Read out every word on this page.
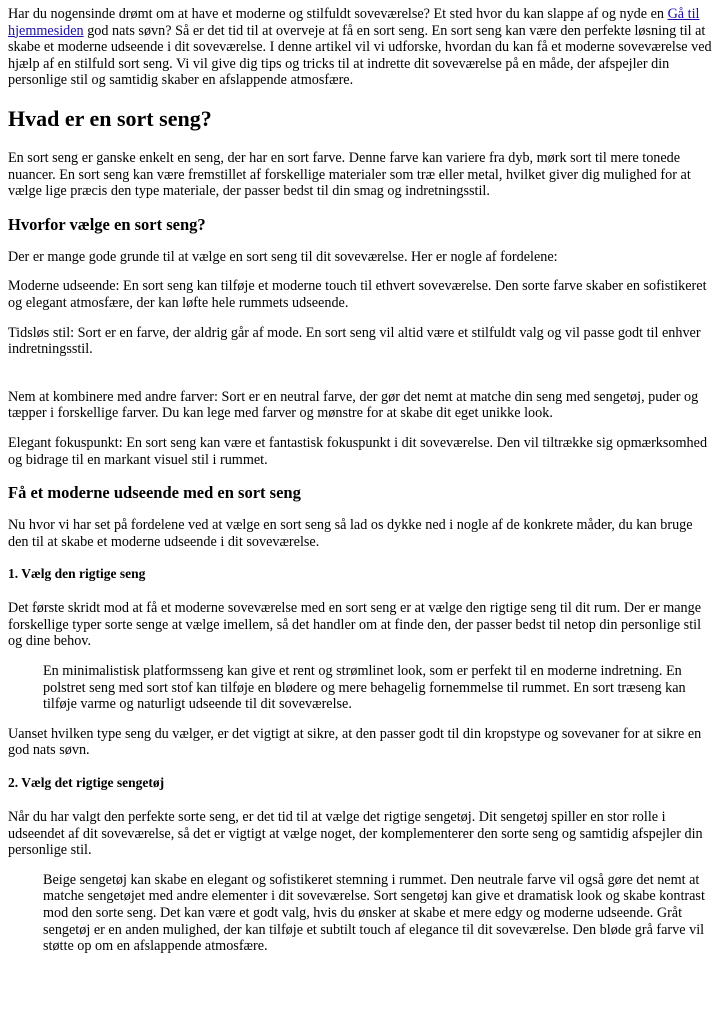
Har du nogensinde drømt om at have et moderne og stilfuldt soveværelse? Et sted hvor du kan slappe af og nyde en Gå til hjemmesiden god nats søvn? Så er det tid til at overveje at få en sort seng. En sort seng kan være den perfekte løsning til at skabe et moderne udseende i dit soveværelse. I denne artikel vil vi udforske, hvordan du kan få et moderne soveværelse ved hjælp af en stilfuld sort seng. Vi vil give dig tips og tricks til at indrette dit soveværelse på en måde, der afspejler din personlige stil og samtidig skaber en afslappende atmosfære.

Hvad er en sort seng?

En sort seng er ganske enkelt en seng, der har en sort farve. Denne farve kan variere fra dyb, mørk sort til mere tonede nuancer. En sort seng kan være fremstillet af forskellige materialer som træ eller metal, hvilket giver dig mulighed for at vælge lige præcis den type materiale, der passer bedst til din smag og indretningsstil.

Hvorfor vælge en sort seng?

Der er mange gode grunde til at vælge en sort seng til dit soveværelse. Her er nogle af fordelene:

Moderne udseende: En sort seng kan tilføje et moderne touch til ethvert soveværelse. Den sorte farve skaber en sofistikeret og elegant atmosfære, der kan løfte hele rummets udseende.

Tidsløs stil: Sort er en farve, der aldrig går af mode. En sort seng vil altid være et stilfuldt valg og vil passe godt til enhver indretningsstil.

Nem at kombinere med andre farver: Sort er en neutral farve, der gør det nemt at matche din seng med sengetøj, puder og tæpper i forskellige farver. Du kan lege med farver og mønstre for at skabe dit eget unikke look.

Elegant fokuspunkt: En sort seng kan være et fantastisk fokuspunkt i dit soveværelse. Den vil tiltrække sig opmærksomhed og bidrage til en markant visuel stil i rummet.

Få et moderne udseende med en sort seng

Nu hvor vi har set på fordelene ved at vælge en sort seng så lad os dykke ned i nogle af de konkrete måder, du kan bruge den til at skabe et moderne udseende i dit soveværelse.

1. Vælg den rigtige seng

Det første skridt mod at få et moderne soveværelse med en sort seng er at vælge den rigtige seng til dit rum. Der er mange forskellige typer sorte senge at vælge imellem, så det handler om at finde den, der passer bedst til netop din personlige stil og dine behov.

En minimalistisk platformsseng kan give et rent og strømlinet look, som er perfekt til en moderne indretning. En polstret seng med sort stof kan tilføje en blødere og mere behagelig fornemmelse til rummet. En sort træseng kan tilføje varme og naturligt udseende til dit soveværelse.

Uanset hvilken type seng du vælger, er det vigtigt at sikre, at den passer godt til din kropstype og sovevaner for at sikre en god nats søvn.

2. Vælg det rigtige sengetøj

Når du har valgt den perfekte sorte seng, er det tid til at vælge det rigtige sengetøj. Dit sengetøj spiller en stor rolle i udseendet af dit soveværelse, så det er vigtigt at vælge noget, der komplementerer den sorte seng og samtidig afspejler din personlige stil.

Beige sengetøj kan skabe en elegant og sofistikeret stemning i rummet. Den neutrale farve vil også gøre det nemt at matche sengetøjet med andre elementer i dit soveværelse. Sort sengetøj kan give et dramatisk look og skabe kontrast mod den sorte seng. Det kan være et godt valg, hvis du ønsker at skabe et mere edgy og moderne udseende. Gråt sengetøj er en anden mulighed, der kan tilføje et subtilt touch af elegance til dit soveværelse. Den bløde grå farve vil støtte op om en afslappende atmosfære.
